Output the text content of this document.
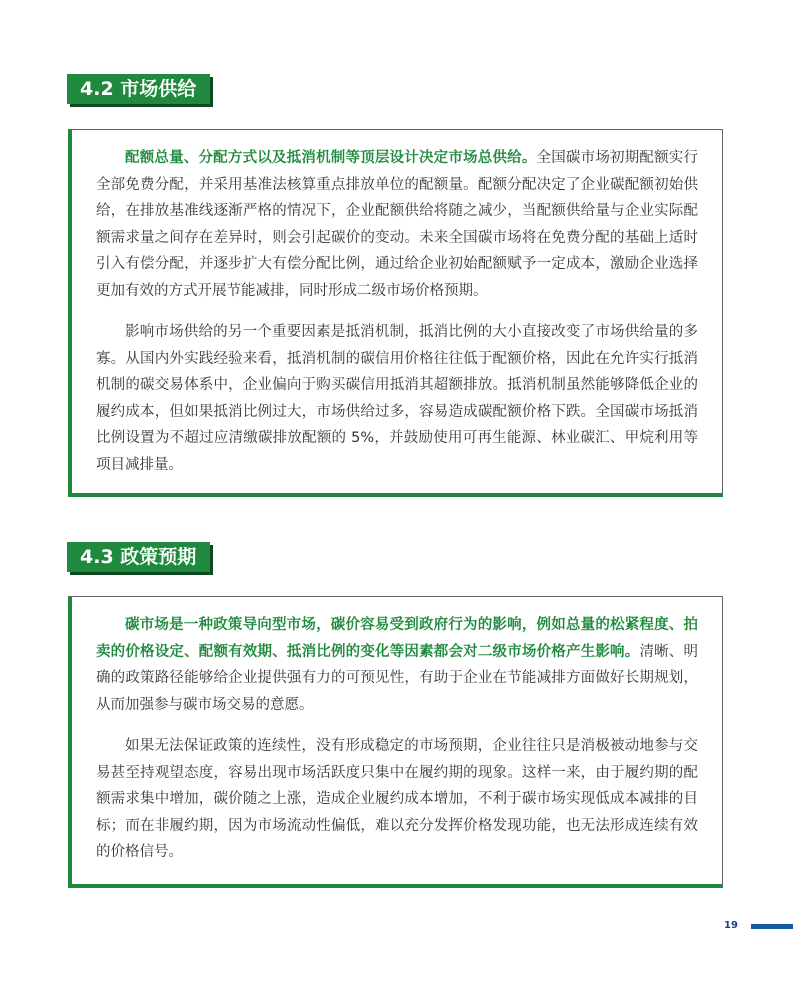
4.2 市场供给

配额总量、分配方式以及抵消机制等顶层设计决定市场总供给。全国碳市场初期配额实行全部免费分配，并采用基准法核算重点排放单位的配额量。配额分配决定了企业碳配额初始供给，在排放基准线逐渐严格的情况下，企业配额供给将随之减少，当配额供给量与企业实际配额需求量之间存在差异时，则会引起碳价的变动。未来全国碳市场将在免费分配的基础上适时引入有偿分配，并逐步扩大有偿分配比例，通过给企业初始配额赋予一定成本，激励企业选择更加有效的方式开展节能减排，同时形成二级市场价格预期。

影响市场供给的另一个重要因素是抵消机制，抵消比例的大小直接改变了市场供给量的多寡。从国内外实践经验来看，抵消机制的碳信用价格往往低于配额价格，因此在允许实行抵消机制的碳交易体系中，企业偏向于购买碳信用抵消其超额排放。抵消机制虽然能够降低企业的履约成本，但如果抵消比例过大，市场供给过多，容易造成碳配额价格下跌。全国碳市场抵消比例设置为不超过应清缴碳排放配额的 5%，并鼓励使用可再生能源、林业碳汇、甲烷利用等项目减排量。

4.3 政策预期

碳市场是一种政策导向型市场，碳价容易受到政府行为的影响，例如总量的松紧程度、拍卖的价格设定、配额有效期、抵消比例的变化等因素都会对二级市场价格产生影响。清晰、明确的政策路径能够给企业提供强有力的可预见性，有助于企业在节能减排方面做好长期规划，从而加强参与碳市场交易的意愿。

如果无法保证政策的连续性，没有形成稳定的市场预期，企业往往只是消极被动地参与交易甚至持观望态度，容易出现市场活跃度只集中在履约期的现象。这样一来，由于履约期的配额需求集中增加，碳价随之上涨，造成企业履约成本增加，不利于碳市场实现低成本减排的目标；而在非履约期，因为市场流动性偏低，难以充分发挥价格发现功能，也无法形成连续有效的价格信号。

19
